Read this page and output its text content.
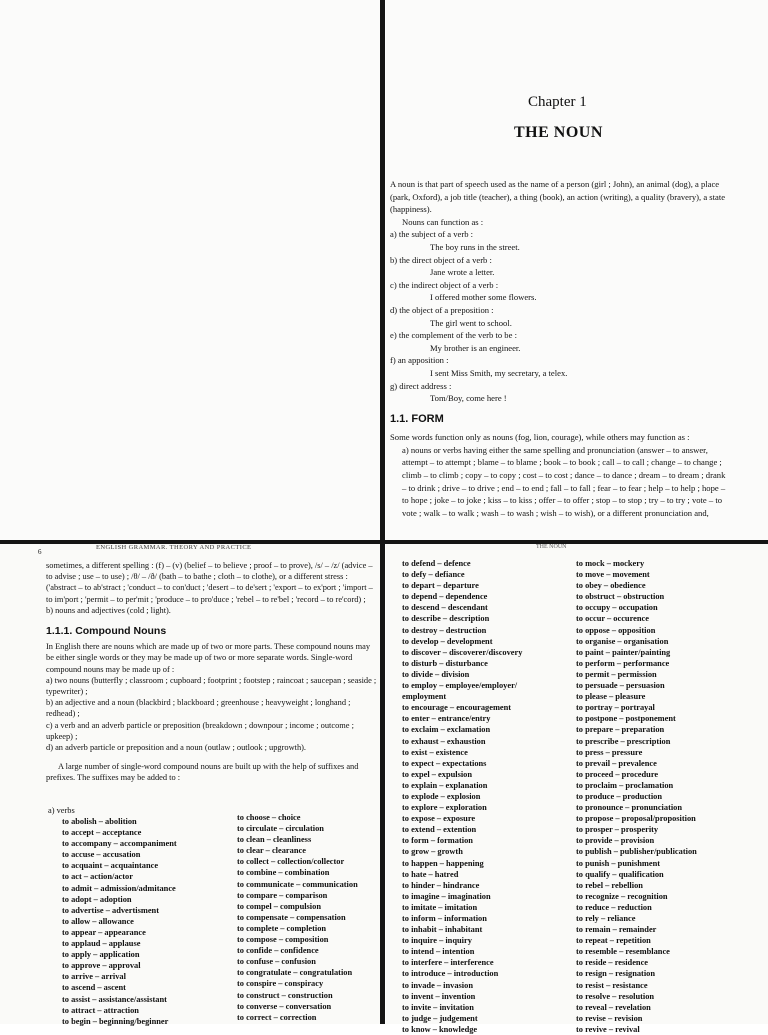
Chapter 1
THE NOUN

A noun is that part of speech used as the name of a person (girl ; John), an animal (dog), a place (park, Oxford), a job title (teacher), a thing (book), an action (writing), a quality (bravery), a state (happiness).

Nouns can function as :

a) the subject of a verb :

The boy runs in the street.

b) the direct object of a verb :

Jane wrote a letter.

c) the indirect object of a verb :

I offered mother some flowers.

d) the object of a preposition :

The girl went to school.

e) the complement of the verb to be :

My brother is an engineer.

f) an apposition :

I sent Miss Smith, my secretary, a telex.

g) direct address :

Tom/Boy, come here !

1.1. FORM

Some words function only as nouns (fog, lion, courage), while others may function as :

a) nouns or verbs having either the same spelling and pronunciation (answer – to answer, attempt – to attempt ; blame – to blame ; book – to book ; call – to call ; change – to change ; climb – to climb ; copy – to copy ; cost – to cost ; dance – to dance ; dream – to dream ; drank – to drink ; drive – to drive ; end – to end ; fall – to fall ; fear – to fear ; help – to help ; hope – to hope ; joke – to joke ; kiss – to kiss ; offer – to offer ; stop – to stop ; try – to try ; vote – to vote ; walk – to walk ; wash – to wash ; wish – to wish), or a different pronunciation and,

6
ENGLISH GRAMMAR. THEORY AND PRACTICE

sometimes, a different spelling : (f) – (v) (belief – to believe ; proof – to prove), /s/ – /z/ (advice – to advise ; use – to use) ; /θ/ – /ð/ (bath – to bathe ; cloth – to clothe), or a different stress : ('abstract – to ab'stract ; 'conduct – to con'duct ; 'desert – to de'sert ; 'export – to ex'port ; 'import – to im'port ; 'permit – to per'mit ; 'produce – to pro'duce ; 'rebel – to re'bel ; 'record – to re'cord) ;

b) nouns and adjectives (cold ; light).

1.1.1. Compound Nouns

In English there are nouns which are made up of two or more parts. These compound nouns may be either single words or they may be made up of two or more separate words. Single-word compound nouns may be made up of :

a) two nouns (butterfly ; classroom ; cupboard ; footprint ; footstep ; raincoat ; saucepan ; seaside ; typewriter) ;

b) an adjective and a noun (blackbird ; blackboard ; greenhouse ; heavyweight ; longhand ; redhead) ;

c) a verb and an adverb particle or preposition (breakdown ; downpour ; income ; outcome ; upkeep) ;

d) an adverb particle or preposition and a noun (outlaw ; outlook ; upgrowth).

A large number of single-word compound nouns are built up with the help of suffixes and prefixes. The suffixes may be added to :

a) verbs
to abolish – abolition
to accept – acceptance
to accompany – accompaniment
to accuse – accusation
to acquaint – acquaintance
to act – action/actor
to admit – admission/admitance
to adopt – adoption
to advertise – advertisment
to allow – allowance
to appear – appearance
to applaud – applause
to apply – application
to approve – approval
to arrive – arrival
to ascend – ascent
to assist – assistance/assistant
to attract – attraction
to begin – beginning/beginner
to choose – choice
to circulate – circulation
to clean – cleanliness
to clear – clearance
to collect – collection/collector
to combine – combination
to communicate – communication
to compare – comparison
to compel – compulsion
to compensate – compensation
to complete – completion
to compose – composition
to confide – confidence
to confuse – confusion
to congratulate – congratulation
to conspire – conspiracy
to construct – construction
to converse – conversation
to correct – correction
THE NOUN
to defend – defence
to defy – defiance
to depart – departure
to depend – dependence
to descend – descendant
to describe – description
to destroy – destruction
to develop – development
to discover – discoverer/discovery
to disturb – disturbance
to divide – division
to employ – employee/employer/
employment
to encourage – encouragement
to enter – entrance/entry
to exclaim – exclamation
to exhaust – exhaustion
to exist – existence
to expect – expectations
to expel – expulsion
to explain – explanation
to explode – explosion
to explore – exploration
to expose – exposure
to extend – extention
to form – formation
to grow – growth
to happen – happening
to hate – hatred
to hinder – hindrance
to imagine – imagination
to imitate – imitation
to inform – information
to inhabit – inhabitant
to inquire – inquiry
to intend – intention
to interfere – interference
to introduce – introduction
to invade – invasion
to invent – invention
to invite – invitation
to judge – judgement
to know – knowledge
to mock – mockery
to move – movement
to obey – obedience
to obstruct – obstruction
to occupy – occupation
to occur – occurence
to oppose – opposition
to organise – organisation
to paint – painter/painting
to perform – performance
to permit – permission
to persuade – persuasion
to please – pleasure
to portray – portrayal
to postpone – postponement
to prepare – preparation
to prescribe – prescription
to press – pressure
to prevail – prevalence
to proceed – procedure
to proclaim – proclamation
to produce – production
to pronounce – pronunciation
to propose – proposal/proposition
to prosper – prosperity
to provide – provision
to publish – publisher/publication
to punish – punishment
to qualify – qualification
to rebel – rebellion
to recognize – recognition
to reduce – reduction
to rely – reliance
to remain – remainder
to repeat – repetition
to resemble – resemblance
to reside – residence
to resign – resignation
to resist – resistance
to resolve – resolution
to reveal – revelation
to revise – revision
to revive – revival
